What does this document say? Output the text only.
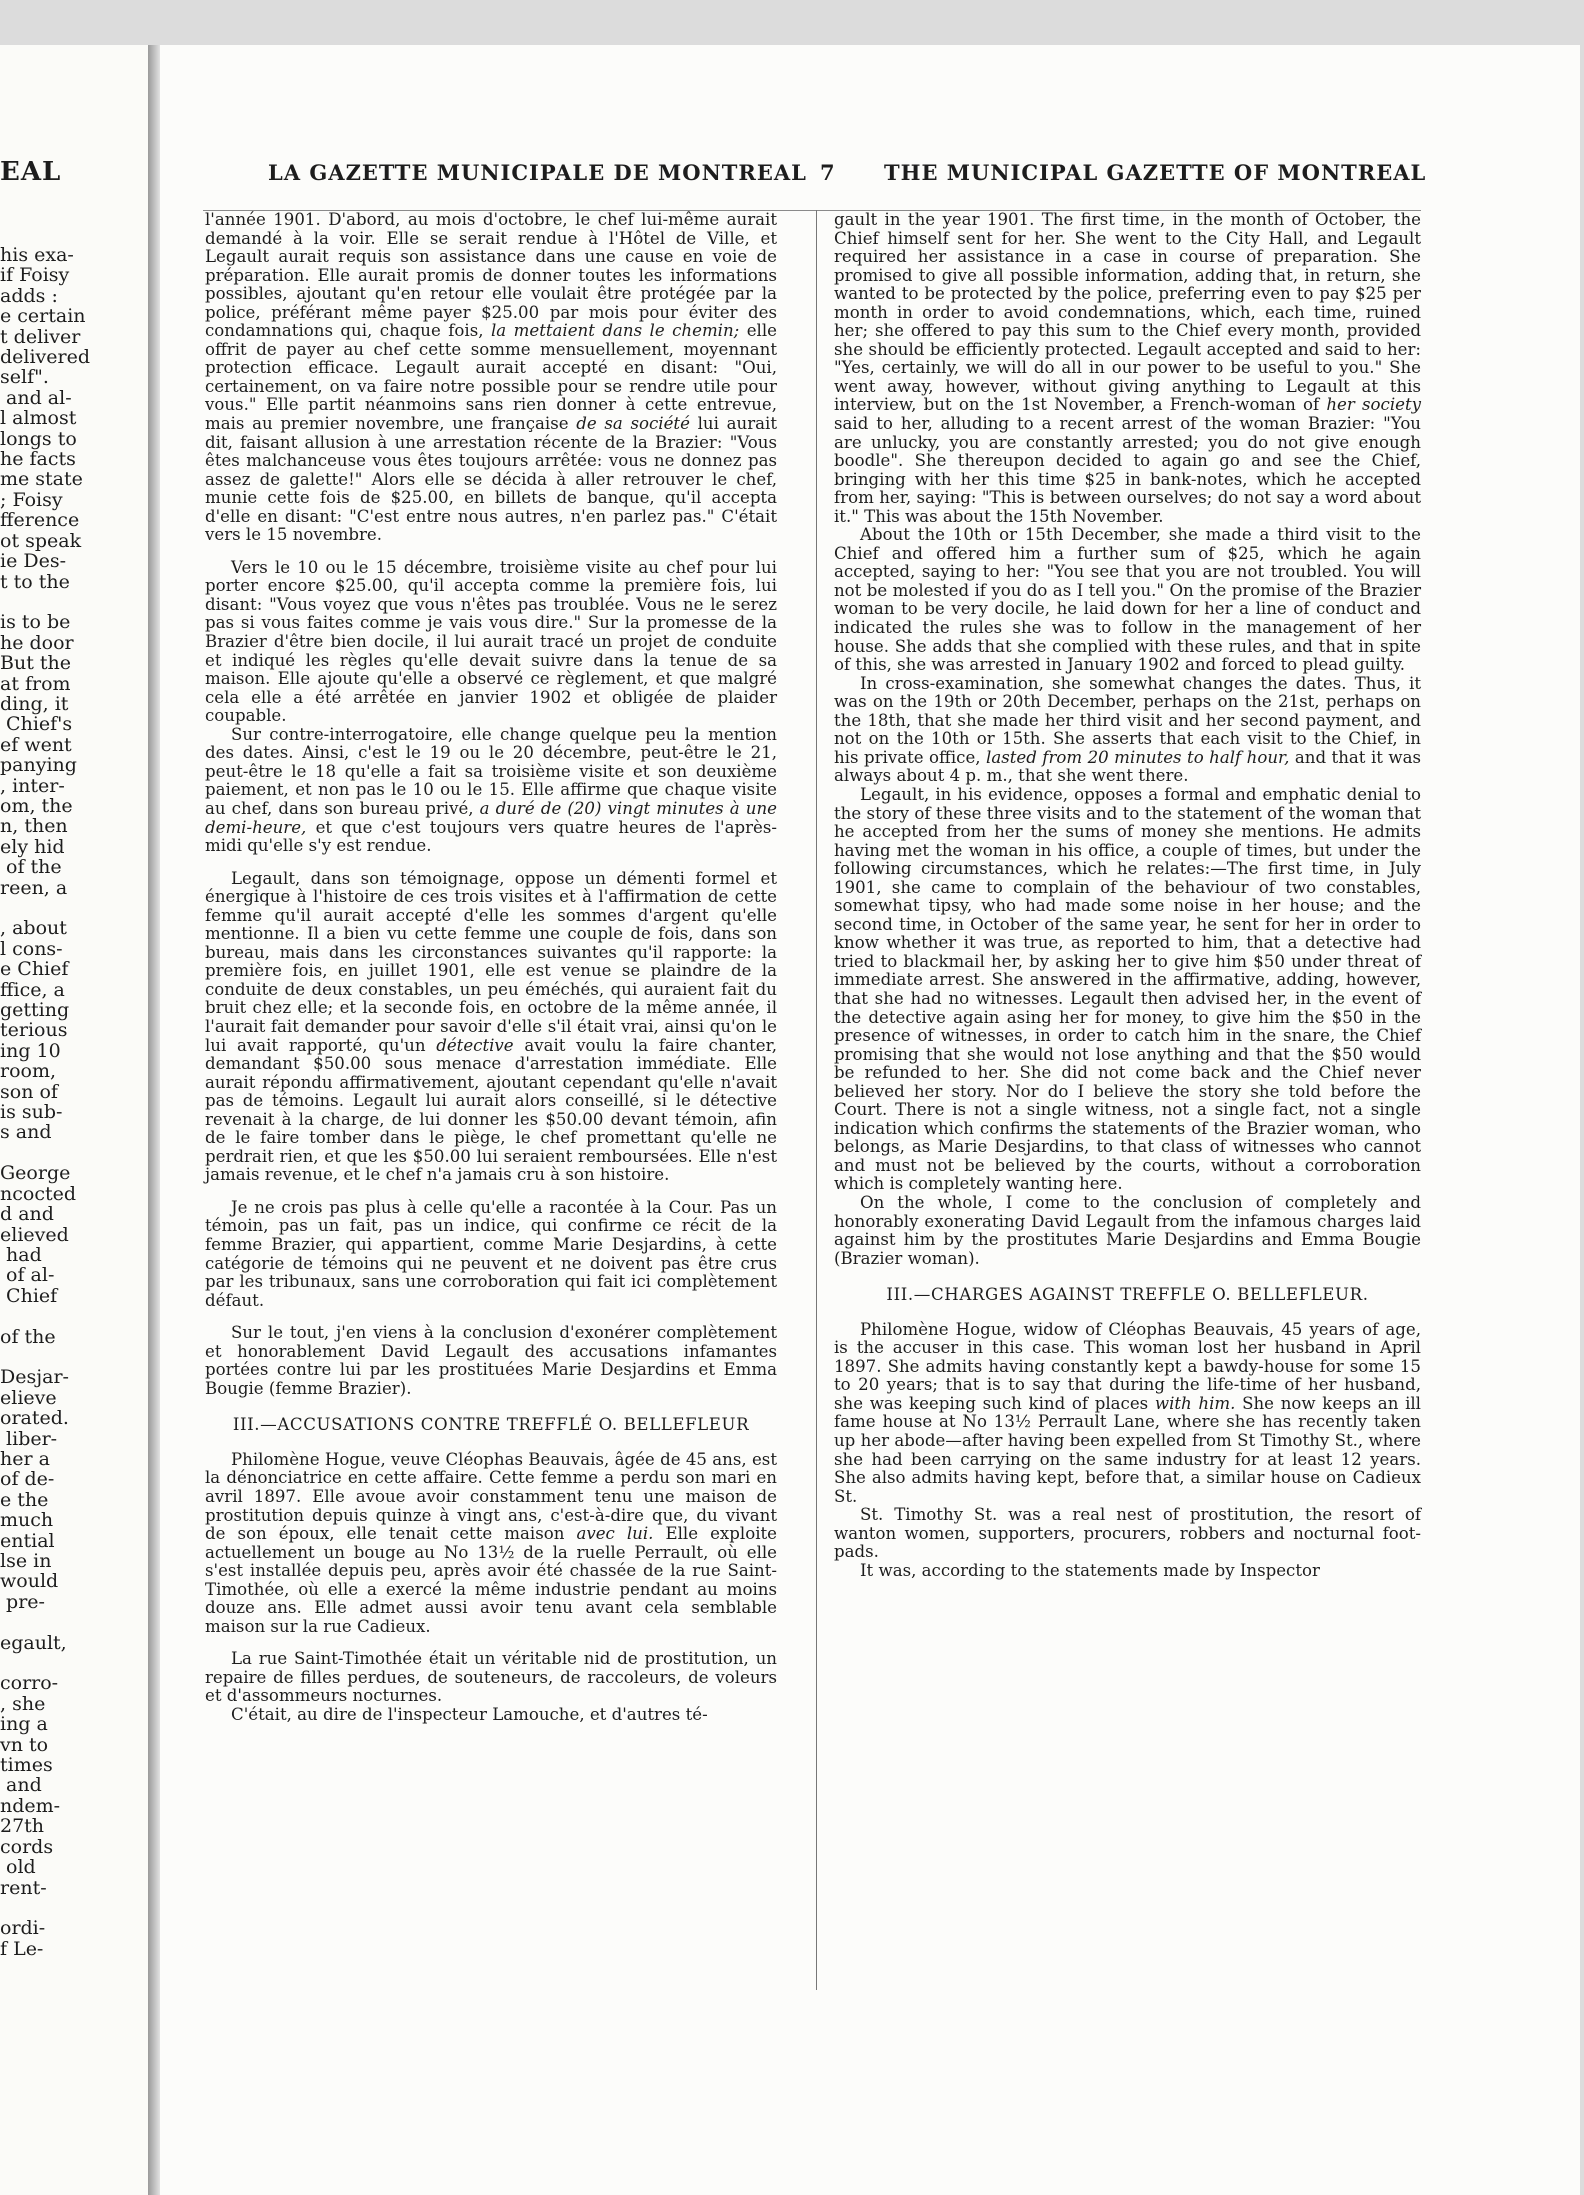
EAL
his exa-
if Foisy
adds :
e certain
t deliver
delivered
self".
and al-
l almost
longs to
he facts
me state
; Foisy
fference
ot speak
ie Des-
t to the

is to be
he door
But the
at from
ding, it
Chief's
ef went
panying
, inter-
om, the
n, then
ely hid
of the
reen, a

, about
l cons-
e Chief
ffice, a
getting
terious
ing 10
room,
son of
is sub-
s and

George
ncocted
d and
elieved
had
of al-
Chief

of the

Desjar-
elieve
orated.
liber-
her a
of de-
e the
much
ential
lse in
would
pre-

egault,

corro-
, she
ing a
vn to
times
and
ndem-
27th
cords
old
rent-

ordi-
f Le-
LA GAZETTE MUNICIPALE DE MONTREAL 7 THE MUNICIPAL GAZETTE OF MONTREAL

l'année 1901. D'abord, au mois d'octobre, le chef lui-même aurait demandé à la voir. Elle se serait rendue à l'Hôtel de Ville, et Legault aurait requis son assistance dans une cause en voie de préparation. Elle aurait promis de donner toutes les informations possibles, ajoutant qu'en retour elle voulait être protégée par la police, préférant même payer $25.00 par mois pour éviter des condamnations qui, chaque fois, la mettaient dans le chemin; elle offrit de payer au chef cette somme mensuellement, moyennant protection efficace. Legault aurait accepté en disant: "Oui, certainement, on va faire notre possible pour se rendre utile pour vous." Elle partit néanmoins sans rien donner à cette entrevue, mais au premier novembre, une française de sa société lui aurait dit, faisant allusion à une arrestation récente de la Brazier: "Vous êtes malchanceuse vous êtes toujours arrêtée: vous ne donnez pas assez de galette!" Alors elle se décida à aller retrouver le chef, munie cette fois de $25.00, en billets de banque, qu'il accepta d'elle en disant: "C'est entre nous autres, n'en parlez pas." C'était vers le 15 novembre.

Vers le 10 ou le 15 décembre, troisième visite au chef pour lui porter encore $25.00, qu'il accepta comme la première fois, lui disant: "Vous voyez que vous n'êtes pas troublée. Vous ne le serez pas si vous faites comme je vais vous dire." Sur la promesse de la Brazier d'être bien docile, il lui aurait tracé un projet de conduite et indiqué les règles qu'elle devait suivre dans la tenue de sa maison. Elle ajoute qu'elle a observé ce règlement, et que malgré cela elle a été arrêtée en janvier 1902 et obligée de plaider coupable.

Sur contre-interrogatoire, elle change quelque peu la mention des dates. Ainsi, c'est le 19 ou le 20 décembre, peut-être le 21, peut-être le 18 qu'elle a fait sa troisième visite et son deuxième paiement, et non pas le 10 ou le 15. Elle affirme que chaque visite au chef, dans son bureau privé, a duré de (20) vingt minutes à une demi-heure, et que c'est toujours vers quatre heures de l'après-midi qu'elle s'y est rendue.

Legault, dans son témoignage, oppose un démenti formel et énergique à l'histoire de ces trois visites et à l'affirmation de cette femme qu'il aurait accepté d'elle les sommes d'argent qu'elle mentionne. Il a bien vu cette femme une couple de fois, dans son bureau, mais dans les circonstances suivantes qu'il rapporte: la première fois, en juillet 1901, elle est venue se plaindre de la conduite de deux constables, un peu éméchés, qui auraient fait du bruit chez elle; et la seconde fois, en octobre de la même année, il l'aurait fait demander pour savoir d'elle s'il était vrai, ainsi qu'on le lui avait rapporté, qu'un détective avait voulu la faire chanter, demandant $50.00 sous menace d'arrestation immédiate. Elle aurait répondu affirmativement, ajoutant cependant qu'elle n'avait pas de témoins. Legault lui aurait alors conseillé, si le détective revenait à la charge, de lui donner les $50.00 devant témoin, afin de le faire tomber dans le piège, le chef promettant qu'elle ne perdrait rien, et que les $50.00 lui seraient remboursées. Elle n'est jamais revenue, et le chef n'a jamais cru à son histoire.

Je ne crois pas plus à celle qu'elle a racontée à la Cour. Pas un témoin, pas un fait, pas un indice, qui confirme ce récit de la femme Brazier, qui appartient, comme Marie Desjardins, à cette catégorie de témoins qui ne peuvent et ne doivent pas être crus par les tribunaux, sans une corroboration qui fait ici complètement défaut.

Sur le tout, j'en viens à la conclusion d'exonérer complètement et honorablement David Legault des accusations infamantes portées contre lui par les prostituées Marie Desjardins et Emma Bougie (femme Brazier).

III.—ACCUSATIONS CONTRE TREFFLÉ O. BELLEFLEUR

Philomène Hogue, veuve Cléophas Beauvais, âgée de 45 ans, est la dénonciatrice en cette affaire. Cette femme a perdu son mari en avril 1897. Elle avoue avoir constamment tenu une maison de prostitution depuis quinze à vingt ans, c'est-à-dire que, du vivant de son époux, elle tenait cette maison avec lui. Elle exploite actuellement un bouge au No 13½ de la ruelle Perrault, où elle s'est installée depuis peu, après avoir été chassée de la rue Saint-Timothée, où elle a exercé la même industrie pendant au moins douze ans. Elle admet aussi avoir tenu avant cela semblable maison sur la rue Cadieux.

La rue Saint-Timothée était un véritable nid de prostitution, un repaire de filles perdues, de souteneurs, de raccoleurs, de voleurs et d'assommeurs nocturnes.

C'était, au dire de l'inspecteur Lamouche, et d'autres té-

gault in the year 1901. The first time, in the month of October, the Chief himself sent for her. She went to the City Hall, and Legault required her assistance in a case in course of preparation. She promised to give all possible information, adding that, in return, she wanted to be protected by the police, preferring even to pay $25 per month in order to avoid condemnations, which, each time, ruined her; she offered to pay this sum to the Chief every month, provided she should be efficiently protected. Legault accepted and said to her: "Yes, certainly, we will do all in our power to be useful to you." She went away, however, without giving anything to Legault at this interview, but on the 1st November, a French-woman of her society said to her, alluding to a recent arrest of the woman Brazier: "You are unlucky, you are constantly arrested; you do not give enough boodle". She thereupon decided to again go and see the Chief, bringing with her this time $25 in bank-notes, which he accepted from her, saying: "This is between ourselves; do not say a word about it." This was about the 15th November.

About the 10th or 15th December, she made a third visit to the Chief and offered him a further sum of $25, which he again accepted, saying to her: "You see that you are not troubled. You will not be molested if you do as I tell you." On the promise of the Brazier woman to be very docile, he laid down for her a line of conduct and indicated the rules she was to follow in the management of her house. She adds that she complied with these rules, and that in spite of this, she was arrested in January 1902 and forced to plead guilty.

In cross-examination, she somewhat changes the dates. Thus, it was on the 19th or 20th December, perhaps on the 21st, perhaps on the 18th, that she made her third visit and her second payment, and not on the 10th or 15th. She asserts that each visit to the Chief, in his private office, lasted from 20 minutes to half hour, and that it was always about 4 p. m., that she went there.

Legault, in his evidence, opposes a formal and emphatic denial to the story of these three visits and to the statement of the woman that he accepted from her the sums of money she mentions. He admits having met the woman in his office, a couple of times, but under the following circumstances, which he relates:—The first time, in July 1901, she came to complain of the behaviour of two constables, somewhat tipsy, who had made some noise in her house; and the second time, in October of the same year, he sent for her in order to know whether it was true, as reported to him, that a detective had tried to blackmail her, by asking her to give him $50 under threat of immediate arrest. She answered in the affirmative, adding, however, that she had no witnesses. Legault then advised her, in the event of the detective again asing her for money, to give him the $50 in the presence of witnesses, in order to catch him in the snare, the Chief promising that she would not lose anything and that the $50 would be refunded to her. She did not come back and the Chief never believed her story. Nor do I believe the story she told before the Court. There is not a single witness, not a single fact, not a single indication which confirms the statements of the Brazier woman, who belongs, as Marie Desjardins, to that class of witnesses who cannot and must not be believed by the courts, without a corroboration which is completely wanting here.

On the whole, I come to the conclusion of completely and honorably exonerating David Legault from the infamous charges laid against him by the prostitutes Marie Desjardins and Emma Bougie (Brazier woman).

III.—CHARGES AGAINST TREFFLE O. BELLEFLEUR.

Philomène Hogue, widow of Cléophas Beauvais, 45 years of age, is the accuser in this case. This woman lost her husband in April 1897. She admits having constantly kept a bawdy-house for some 15 to 20 years; that is to say that during the life-time of her husband, she was keeping such kind of places with him. She now keeps an ill fame house at No 13½ Perrault Lane, where she has recently taken up her abode—after having been expelled from St Timothy St., where she had been carrying on the same industry for at least 12 years. She also admits having kept, before that, a similar house on Cadieux St.

St. Timothy St. was a real nest of prostitution, the resort of wanton women, supporters, procurers, robbers and nocturnal foot-pads.

It was, according to the statements made by Inspector
